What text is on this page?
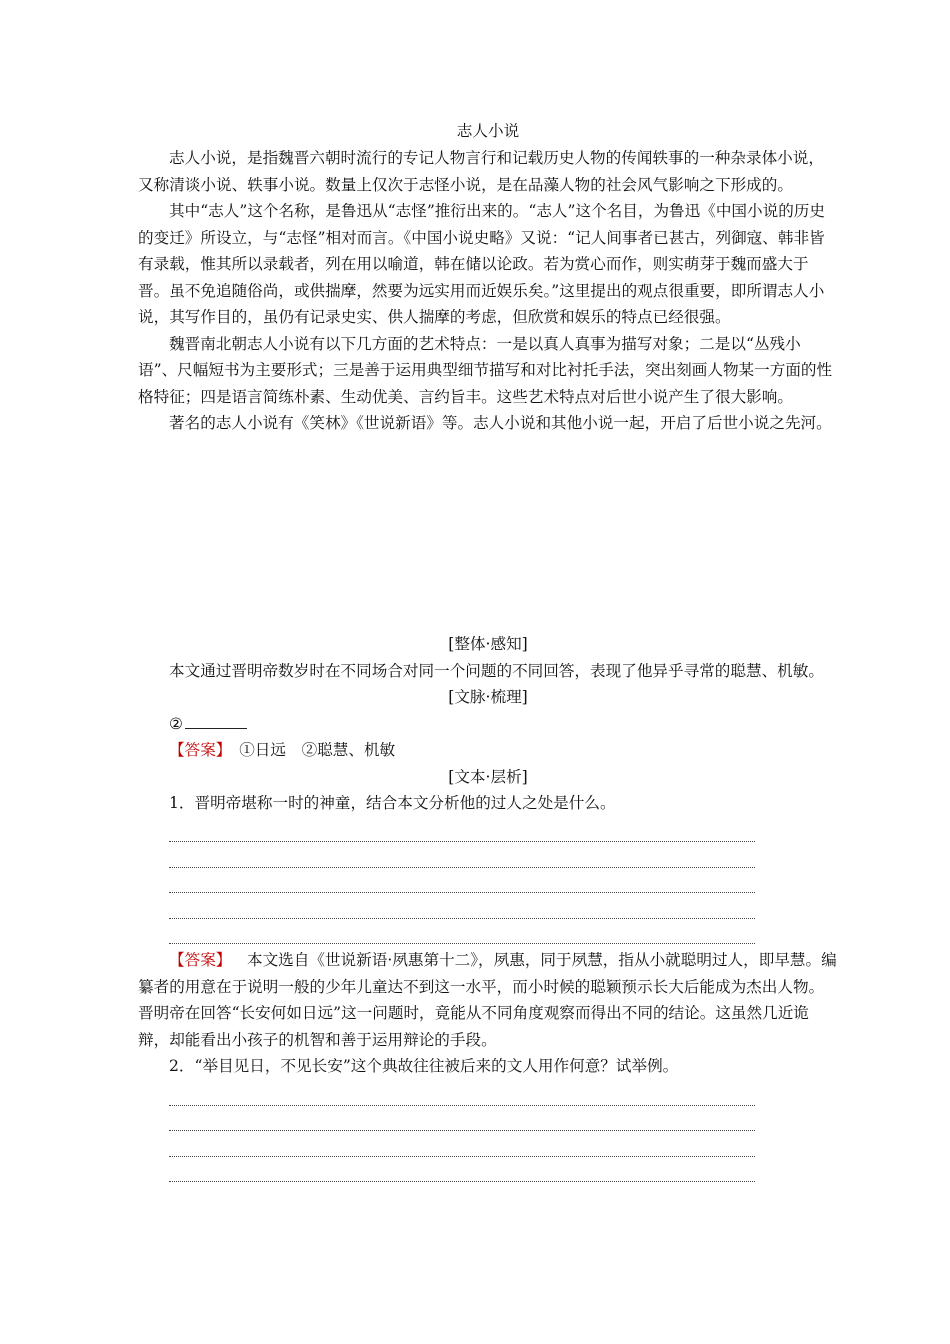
志人小说

志人小说，是指魏晋六朝时流行的专记人物言行和记载历史人物的传闻轶事的一种杂录体小说，又称清谈小说、轶事小说。数量上仅次于志怪小说，是在品藻人物的社会风气影响之下形成的。

其中“志人”这个名称，是鲁迅从“志怪”推衍出来的。“志人”这个名目，为鲁迅《中国小说的历史的变迁》所设立，与“志怪”相对而言。《中国小说史略》又说：“记人间事者已甚古，列御寇、韩非皆有录载，惟其所以录载者，列在用以喻道，韩在储以论政。若为赏心而作，则实萌芽于魏而盛大于晋。虽不免追随俗尚，或供揣摩，然要为远实用而近娱乐矣。”这里提出的观点很重要，即所谓志人小说，其写作目的，虽仍有记录史实、供人揣摩的考虑，但欣赏和娱乐的特点已经很强。

魏晋南北朝志人小说有以下几方面的艺术特点：一是以真人真事为描写对象；二是以“丛残小语”、尺幅短书为主要形式；三是善于运用典型细节描写和对比衬托手法，突出刻画人物某一方面的性格特征；四是语言简练朴素、生动优美、言约旨丰。这些艺术特点对后世小说产生了很大影响。

著名的志人小说有《笑林》《世说新语》等。志人小说和其他小说一起，开启了后世小说之先河。

[整体·感知]

本文通过晋明帝数岁时在不同场合对同一个问题的不同回答，表现了他异乎寻常的聪慧、机敏。

[文脉·梳理]

②

【答案】  ①日远　②聪慧、机敏

[文本·层析]

1．晋明帝堪称一时的神童，结合本文分析他的过人之处是什么。

【答案】   本文选自《世说新语·夙惠第十二》，夙惠，同于夙慧，指从小就聪明过人，即早慧。编纂者的用意在于说明一般的少年儿童达不到这一水平，而小时候的聪颖预示长大后能成为杰出人物。晋明帝在回答“长安何如日远”这一问题时，竟能从不同角度观察而得出不同的结论。这虽然几近诡辩，却能看出小孩子的机智和善于运用辩论的手段。

2．“举目见日，不见长安”这个典故往往被后来的文人用作何意？试举例。
